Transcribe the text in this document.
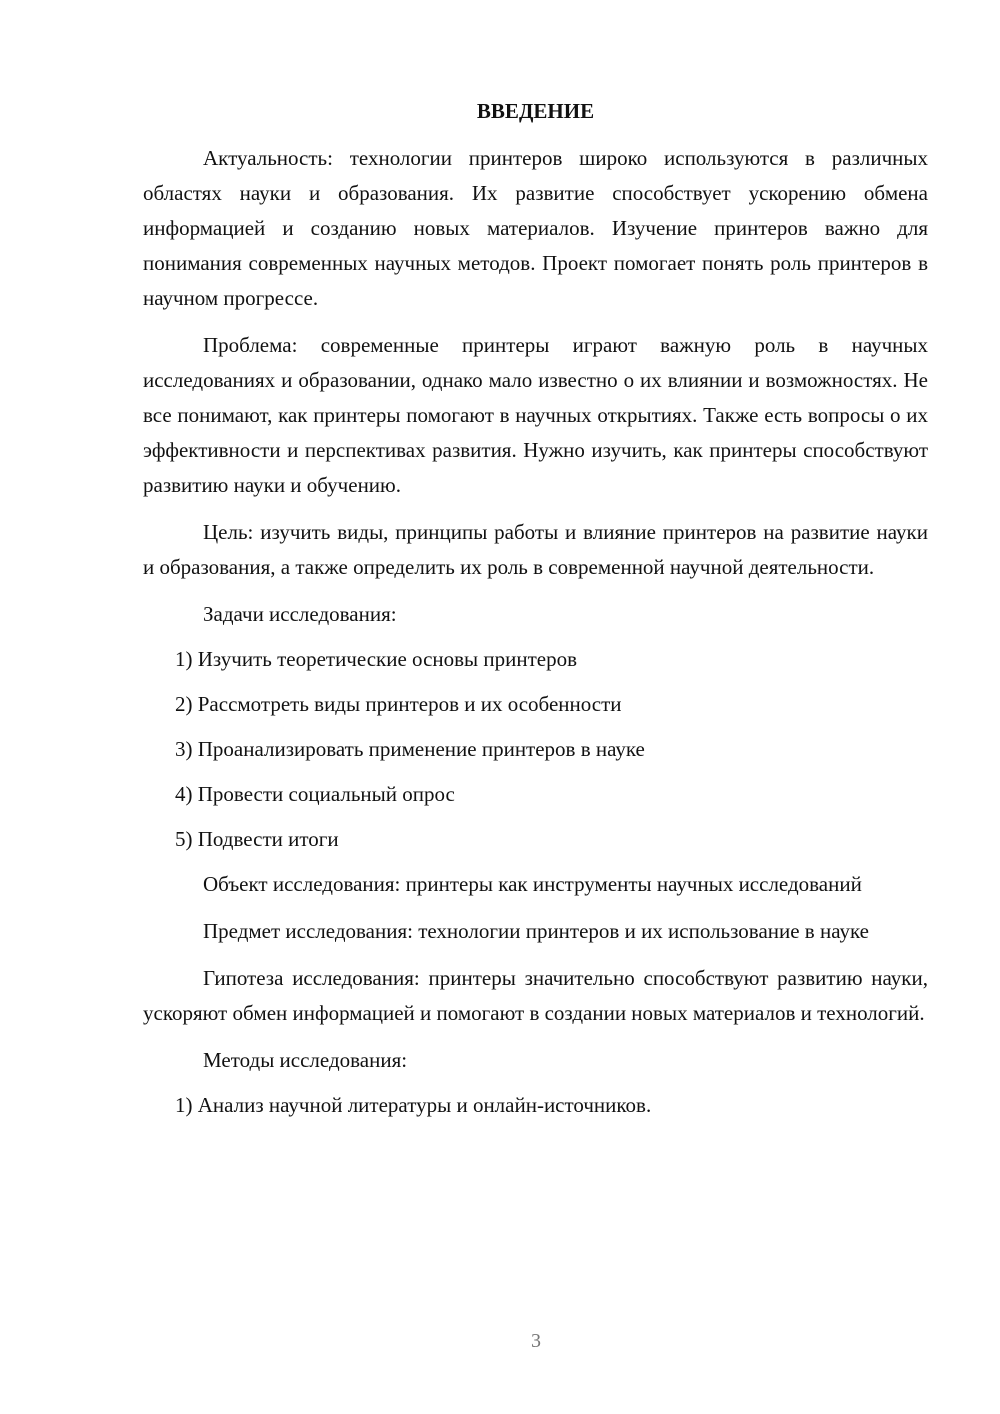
ВВЕДЕНИЕ

Актуальность: технологии принтеров широко используются в различных областях науки и образования. Их развитие способствует ускорению обмена информацией и созданию новых материалов. Изучение принтеров важно для понимания современных научных методов. Проект помогает понять роль принтеров в научном прогрессе.

Проблема: современные принтеры играют важную роль в научных исследованиях и образовании, однако мало известно о их влиянии и возможностях. Не все понимают, как принтеры помогают в научных открытиях. Также есть вопросы о их эффективности и перспективах развития. Нужно изучить, как принтеры способствуют развитию науки и обучению.

Цель: изучить виды, принципы работы и влияние принтеров на развитие науки и образования, а также определить их роль в современной научной деятельности.

Задачи исследования:

1) Изучить теоретические основы принтеров

2) Рассмотреть виды принтеров и их особенности

3) Проанализировать применение принтеров в науке

4) Провести социальный опрос

5) Подвести итоги

Объект исследования: принтеры как инструменты научных исследований

Предмет исследования: технологии принтеров и их использование в науке

Гипотеза исследования: принтеры значительно способствуют развитию науки, ускоряют обмен информацией и помогают в создании новых материалов и технологий.

Методы исследования:

1) Анализ научной литературы и онлайн-источников.

3
